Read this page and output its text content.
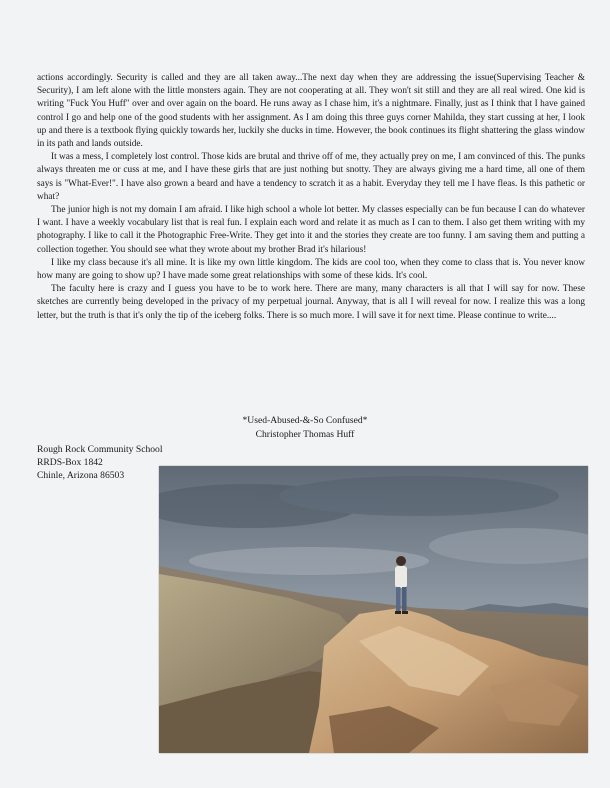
actions accordingly. Security is called and they are all taken away...The next day when they are addressing the issue(Supervising Teacher & Security), I am left alone with the little monsters again. They are not cooperating at all. They won't sit still and they are all real wired. One kid is writing "Fuck You Huff" over and over again on the board. He runs away as I chase him, it's a nightmare. Finally, just as I think that I have gained control I go and help one of the good students with her assignment. As I am doing this three guys corner Mahilda, they start cussing at her, I look up and there is a textbook flying quickly towards her, luckily she ducks in time. However, the book continues its flight shattering the glass window in its path and lands outside.

It was a mess, I completely lost control. Those kids are brutal and thrive off of me, they actually prey on me, I am convinced of this. The punks always threaten me or cuss at me, and I have these girls that are just nothing but snotty. They are always giving me a hard time, all one of them says is "What-Ever!". I have also grown a beard and have a tendency to scratch it as a habit. Everyday they tell me I have fleas. Is this pathetic or what?

The junior high is not my domain I am afraid. I like high school a whole lot better. My classes especially can be fun because I can do whatever I want. I have a weekly vocabulary list that is real fun. I explain each word and relate it as much as I can to them. I also get them writing with my photography. I like to call it the Photographic Free-Write. They get into it and the stories they create are too funny. I am saving them and putting a collection together. You should see what they wrote about my brother Brad it's hilarious!

I like my class because it's all mine. It is like my own little kingdom. The kids are cool too, when they come to class that is. You never know how many are going to show up? I have made some great relationships with some of these kids. It's cool.

The faculty here is crazy and I guess you have to be to work here. There are many, many characters is all that I will say for now. These sketches are currently being developed in the privacy of my perpetual journal. Anyway, that is all I will reveal for now. I realize this was a long letter, but the truth is that it's only the tip of the iceberg folks. There is so much more. I will save it for next time. Please continue to write....

*Used-Abused-&-So Confused*
Christopher Thomas Huff
Rough Rock Community School
RRDS-Box 1842
Chinle, Arizona 86503
